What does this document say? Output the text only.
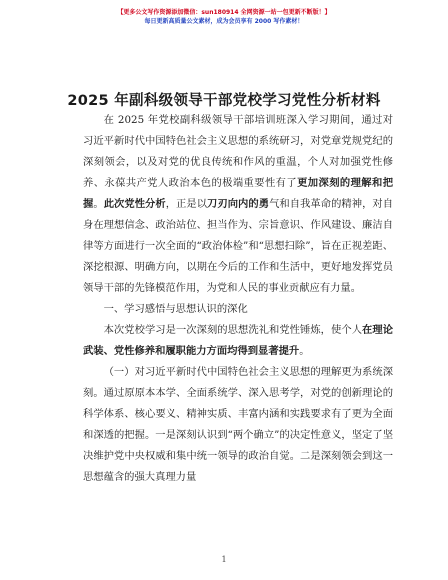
【更多公文写作资源添加微信：sun180914 全网资源一站一包更新不断版！】
每日更新高质量公文素材，成为会员享有 2000 写作素材！
2025 年副科级领导干部党校学习党性分析材料

在 2025 年党校副科级领导干部培训班深入学习期间，通过对习近平新时代中国特色社会主义思想的系统研习，对党章党规党纪的深刻领会，以及对党的优良传统和作风的重温，个人对加强党性修养、永葆共产党人政治本色的极端重要性有了更加深刻的理解和把握。此次党性分析，正是以刀刃向内的勇气和自我革命的精神，对自身在理想信念、政治站位、担当作为、宗旨意识、作风建设、廉洁自律等方面进行一次全面的“政治体检”和“思想扫除”，旨在正视差距、深挖根源、明确方向，以期在今后的工作和生活中，更好地发挥党员领导干部的先锋模范作用，为党和人民的事业贡献应有力量。

一、学习感悟与思想认识的深化

本次党校学习是一次深刻的思想洗礼和党性锤炼，使个人在理论武装、党性修养和履职能力方面均得到显著提升。

（一）对习近平新时代中国特色社会主义思想的理解更为系统深刻。通过原原本本学、全面系统学、深入思考学，对党的创新理论的科学体系、核心要义、精神实质、丰富内涵和实践要求有了更为全面和深透的把握。一是深刻认识到“两个确立”的决定性意义，坚定了坚决维护党中央权威和集中统一领导的政治自觉。二是深刻领会到这一思想蕴含的强大真理力量

1
